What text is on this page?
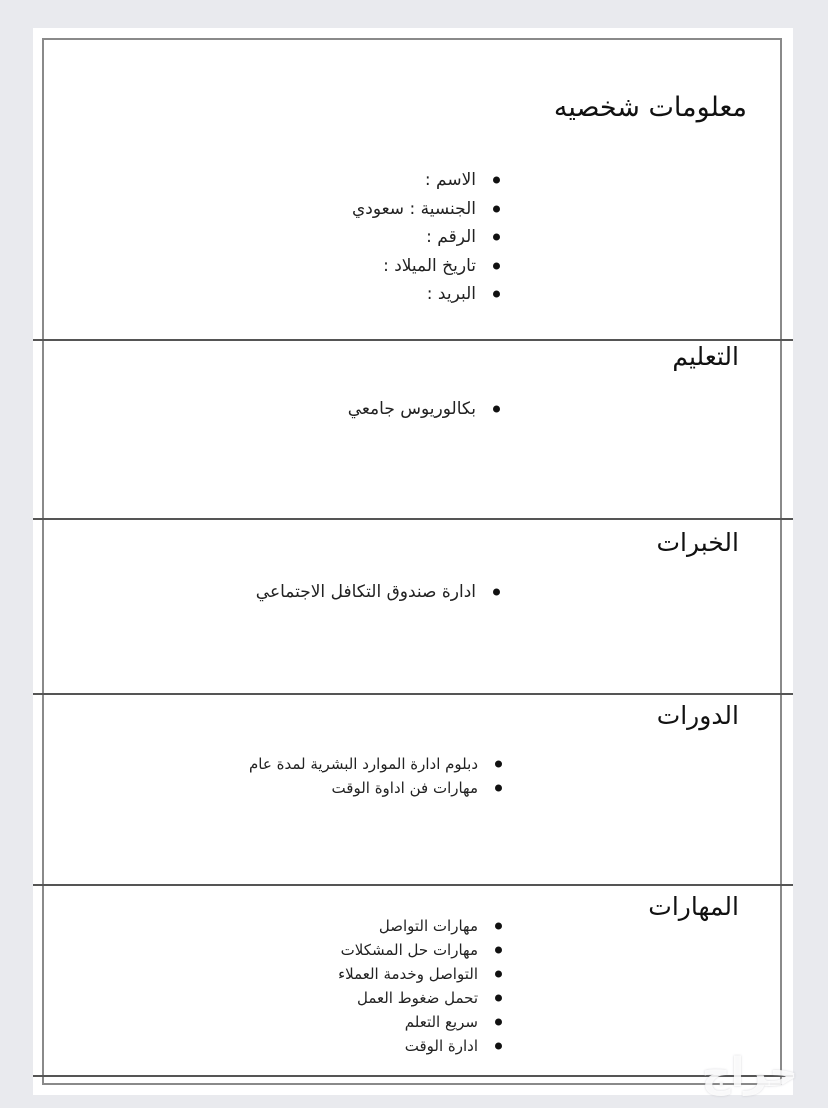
معلومات شخصيه
الاسم :
الجنسية : سعودي
الرقم :
تاريخ الميلاد :
البريد :
التعليم
بكالوريوس جامعي
الخبرات
ادارة صندوق التكافل الاجتماعي
الدورات
دبلوم ادارة الموارد البشرية لمدة عام
مهارات فن اداوة الوقت
المهارات
مهارات التواصل
مهارات حل المشكلات
التواصل وخدمة العملاء
تحمل ضغوط العمل
سريع التعلم
ادارة الوقت
حراج
